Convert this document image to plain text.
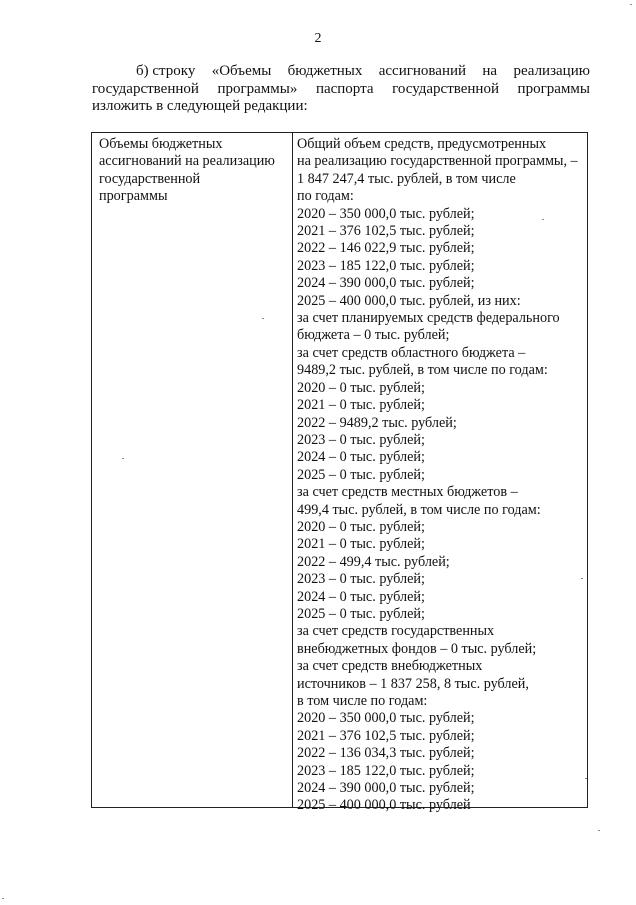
2
б) строку «Объемы бюджетных ассигнований на реализацию
государственной программы» паспорта государственной программы
изложить в следующей редакции:
Объемы бюджетных
ассигнований на реализацию
государственной
программы
Общий объем средств, предусмотренных
на реализацию государственной программы, –
1 847 247,4 тыс. рублей, в том числе
по годам:
2020 – 350 000,0 тыс. рублей;
2021 – 376 102,5 тыс. рублей;
2022 – 146 022,9 тыс. рублей;
2023 – 185 122,0 тыс. рублей;
2024 – 390 000,0 тыс. рублей;
2025 – 400 000,0 тыс. рублей, из них:
за счет планируемых средств федерального
бюджета – 0 тыс. рублей;
за счет средств областного бюджета –
9489,2 тыс. рублей, в том числе по годам:
2020 – 0 тыс. рублей;
2021 – 0 тыс. рублей;
2022 – 9489,2 тыс. рублей;
2023 – 0 тыс. рублей;
2024 – 0 тыс. рублей;
2025 – 0 тыс. рублей;
за счет средств местных бюджетов –
499,4 тыс. рублей, в том числе по годам:
2020 – 0 тыс. рублей;
2021 – 0 тыс. рублей;
2022 – 499,4 тыс. рублей;
2023 – 0 тыс. рублей;
2024 – 0 тыс. рублей;
2025 – 0 тыс. рублей;
за счет средств государственных
внебюджетных фондов – 0 тыс. рублей;
за счет средств внебюджетных
источников – 1 837 258, 8 тыс. рублей,
в том числе по годам:
2020 – 350 000,0 тыс. рублей;
2021 – 376 102,5 тыс. рублей;
2022 – 136 034,3 тыс. рублей;
2023 – 185 122,0 тыс. рублей;
2024 – 390 000,0 тыс. рублей;
2025 – 400 000,0 тыс. рублей
